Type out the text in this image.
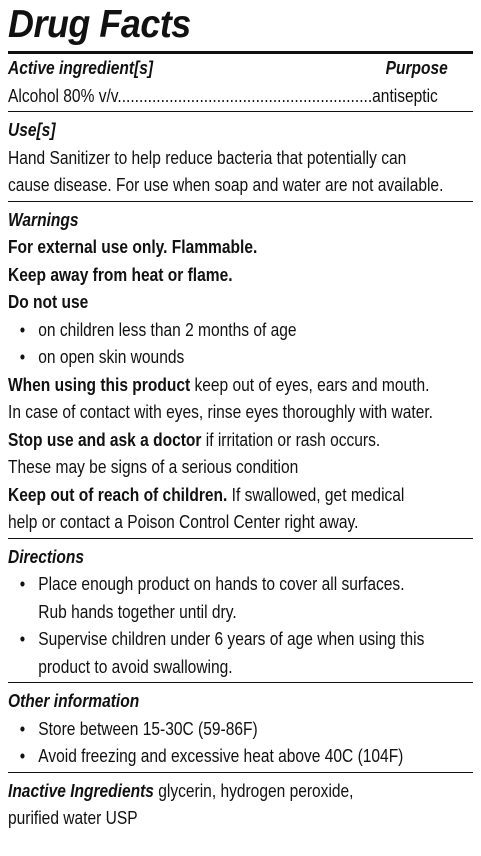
Drug Facts
Active ingredient[s]	Purpose
Alcohol 80% v/v...........................................................antiseptic
Use[s]
Hand Sanitizer to help reduce bacteria that potentially can
cause disease. For use when soap and water are not available.
Warnings
For external use only. Flammable.
Keep away from heat or flame.
Do not use
• on children less than 2 months of age
• on open skin wounds
When using this product keep out of eyes, ears and mouth.
In case of contact with eyes, rinse eyes thoroughly with water.
Stop use and ask a doctor if irritation or rash occurs.
These may be signs of a serious condition
Keep out of reach of children. If swallowed, get medical
help or contact a Poison Control Center right away.
Directions
• Place enough product on hands to cover all surfaces.
Rub hands together until dry.
• Supervise children under 6 years of age when using this
product to avoid swallowing.
Other information
• Store between 15-30C (59-86F)
• Avoid freezing and excessive heat above 40C (104F)
Inactive Ingredients glycerin, hydrogen peroxide,
purified water USP
